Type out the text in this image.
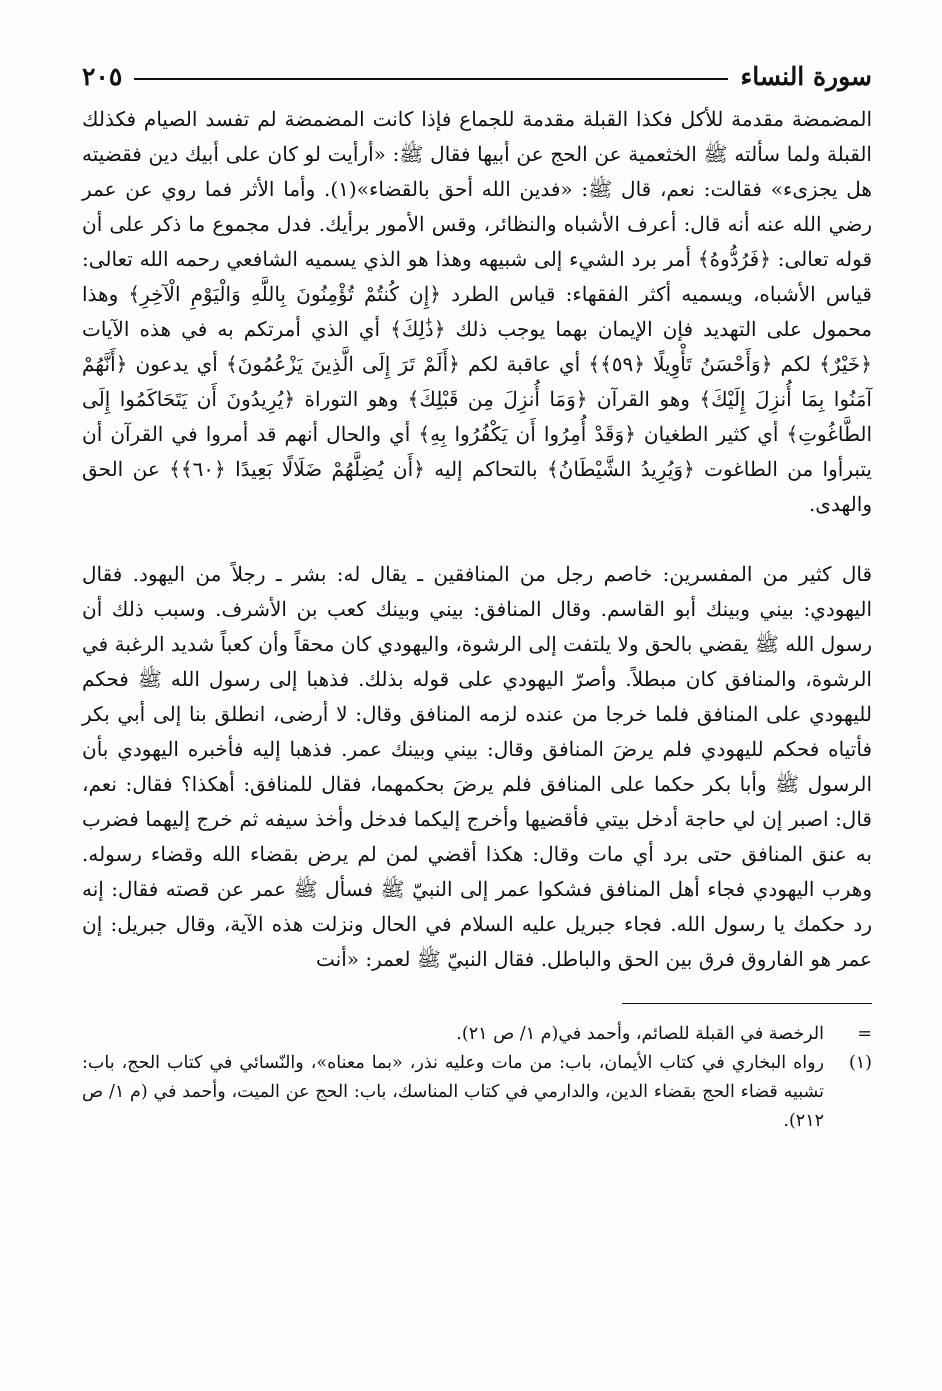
سورة النساء
٢٠٥

المضمضة مقدمة للأكل فكذا القبلة مقدمة للجماع فإذا كانت المضمضة لم تفسد الصيام فكذلك القبلة ولما سألته ﷺ الخثعمية عن الحج عن أبيها فقال ﷺ: «أرأيت لو كان على أبيك دين فقضيته هل يجزىء» فقالت: نعم، قال ﷺ: «فدين الله أحق بالقضاء»(١). وأما الأثر فما روي عن عمر رضي الله عنه أنه قال: أعرف الأشباه والنظائر، وقس الأمور برأيك. فدل مجموع ما ذكر على أن قوله تعالى: ﴿فَرُدُّوهُ﴾ أمر برد الشيء إلى شبيهه وهذا هو الذي يسميه الشافعي رحمه الله تعالى: قياس الأشباه، ويسميه أكثر الفقهاء: قياس الطرد ﴿إِن كُنتُمْ تُؤْمِنُونَ بِاللَّهِ وَالْيَوْمِ الْآخِرِ﴾ وهذا محمول على التهديد فإن الإيمان بهما يوجب ذلك ﴿ذَٰلِكَ﴾ أي الذي أمرتكم به في هذه الآيات ﴿خَيْرٌ﴾ لكم ﴿وَأَحْسَنُ تَأْوِيلًا ﴿٥٩﴾﴾ أي عاقبة لكم ﴿أَلَمْ تَرَ إِلَى الَّذِينَ يَزْعُمُونَ﴾ أي يدعون ﴿أَنَّهُمْ آمَنُوا بِمَا أُنزِلَ إِلَيْكَ﴾ وهو القرآن ﴿وَمَا أُنزِلَ مِن قَبْلِكَ﴾ وهو التوراة ﴿يُرِيدُونَ أَن يَتَحَاكَمُوا إِلَى الطَّاغُوتِ﴾ أي كثير الطغيان ﴿وَقَدْ أُمِرُوا أَن يَكْفُرُوا بِهِ﴾ أي والحال أنهم قد أمروا في القرآن أن يتبرأوا من الطاغوت ﴿وَيُرِيدُ الشَّيْطَانُ﴾ بالتحاكم إليه ﴿أَن يُضِلَّهُمْ ضَلَالًا بَعِيدًا ﴿٦٠﴾﴾ عن الحق والهدى.

قال كثير من المفسرين: خاصم رجل من المنافقين ـ يقال له: بشر ـ رجلاً من اليهود. فقال اليهودي: بيني وبينك أبو القاسم. وقال المنافق: بيني وبينك كعب بن الأشرف. وسبب ذلك أن رسول الله ﷺ يقضي بالحق ولا يلتفت إلى الرشوة، واليهودي كان محقاً وأن كعباً شديد الرغبة في الرشوة، والمنافق كان مبطلاً. وأصرّ اليهودي على قوله بذلك. فذهبا إلى رسول الله ﷺ فحكم لليهودي على المنافق فلما خرجا من عنده لزمه المنافق وقال: لا أرضى، انطلق بنا إلى أبي بكر فأتياه فحكم لليهودي فلم يرضَ المنافق وقال: بيني وبينك عمر. فذهبا إليه فأخبره اليهودي بأن الرسول ﷺ وأبا بكر حكما على المنافق فلم يرضَ بحكمهما، فقال للمنافق: أهكذا؟ فقال: نعم، قال: اصبر إن لي حاجة أدخل بيتي فأقضيها وأخرج إليكما فدخل وأخذ سيفه ثم خرج إليهما فضرب به عنق المنافق حتى برد أي مات وقال: هكذا أقضي لمن لم يرض بقضاء الله وقضاء رسوله. وهرب اليهودي فجاء أهل المنافق فشكوا عمر إلى النبيّ ﷺ فسأل ﷺ عمر عن قصته فقال: إنه رد حكمك يا رسول الله. فجاء جبريل عليه السلام في الحال ونزلت هذه الآية، وقال جبريل: إن عمر هو الفاروق فرق بين الحق والباطل. فقال النبيّ ﷺ لعمر: «أنت

=
الرخصة في القبلة للصائم، وأحمد في(م ١/ ص ٢١).
(١)
رواه البخاري في كتاب الأيمان، باب: من مات وعليه نذر، «بما معناه»، والنّسائي في كتاب الحج، باب: تشبيه قضاء الحج بقضاء الدين، والدارمي في كتاب المناسك، باب: الحج عن الميت، وأحمد في (م ١/ ص ٢١٢).
